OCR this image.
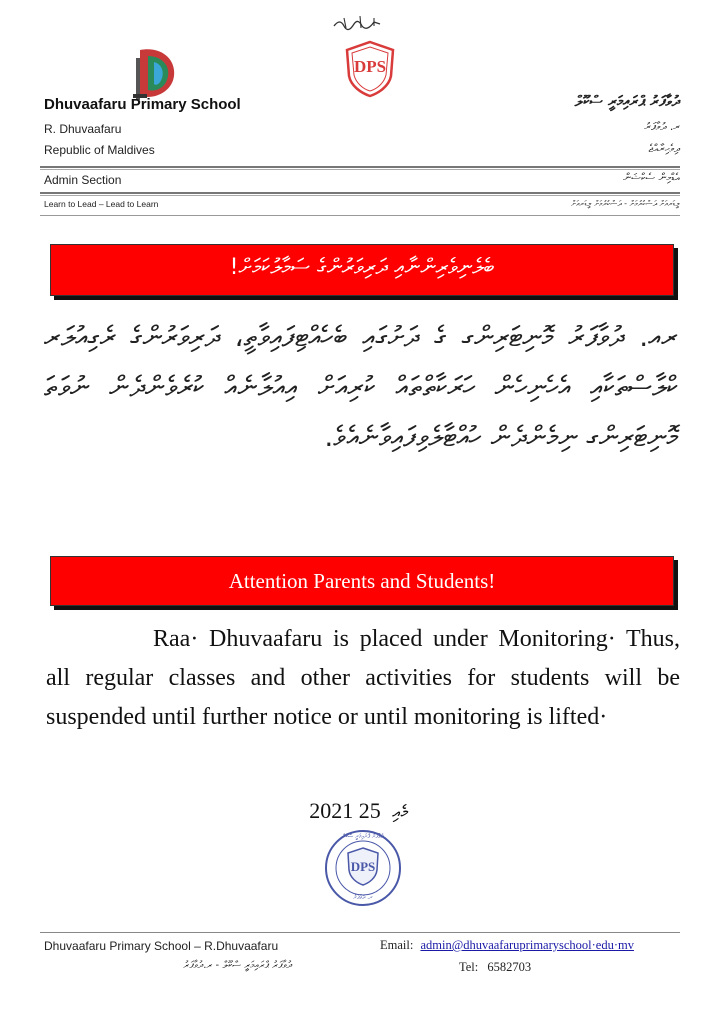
DPS
Dhuvaafaru Primary School
R. Dhuvaafaru
Republic of Maldives
ދުވާފަރު ޕްރައިމަރީ ސްކޫލް
ރ. ދުވާފަރު
ދިވެހިރާއްޖެ
Admin Section	އެޑްމިން ސެކްޝަން
Learn to Lead – Lead to Learn	ލީޑަރއަށް ދަސްކުރުމަށް - ދަސްކުރުމަށް ލީޑަރއަށް
ބެލެނިވެރިންނާއި ދަރިވަރުންގެ ސަމާލުކަމަށް!
ރއ. ދުވާފަރު މޮނިޓަރިންގ ގެ ދަށުގައި ބެހެއްޓިފައިވާތީ، ދަރިވަރުންގެ ރެގިއުލަރ ކްލާސްތަކާއި އެހެނިހެން ހަރަކާތްތައް ކުރިއަށް އިއުލާނެއް ކުރެވެންދެން ނުވަތަ މޮނިޓަރިންގ ނިމެންދެން ހުއްޓާލެވިފައިވާނެއެވެ.
Attention Parents and Students!

Raa· Dhuvaafaru is placed under Monitoring· Thus, all regular classes and other activities for students will be suspended until further notice or until monitoring is lifted·

2021 މެއި 25
ދުވާފަރު ޕްރައިމަރީ ސްކޫލް
DPS
ރ. ދުވާފަރު
Dhuvaafaru Primary School – R.Dhuvaafaru
ދުވާފަރު ޕްރައިމަރީ ސްކޫލް - ރ.ދުވާފަރު
Email: admin@dhuvaafaruprimaryschool·edu·mv
Tel: 6582703
